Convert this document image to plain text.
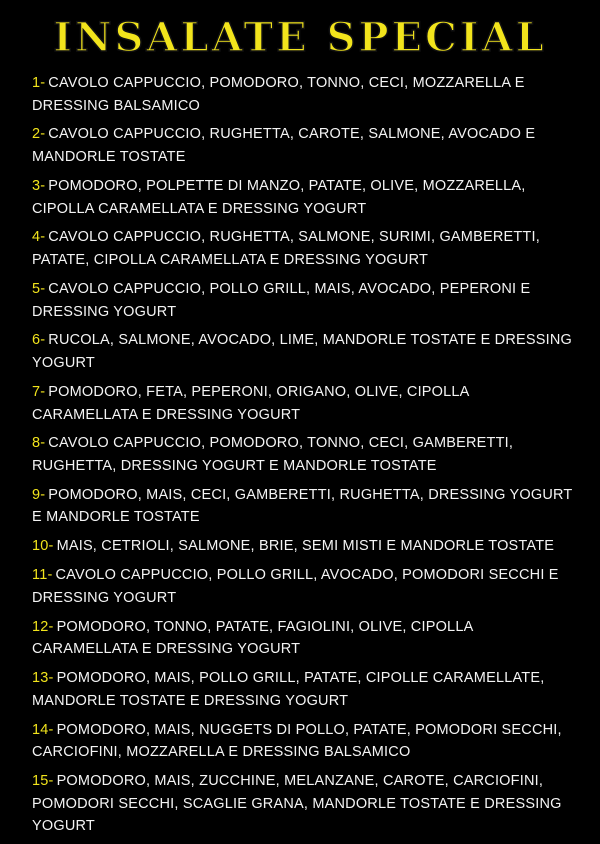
INSALATE SPECIAL
1- CAVOLO CAPPUCCIO, POMODORO, TONNO, CECI, MOZZARELLA E DRESSING BALSAMICO
2- CAVOLO CAPPUCCIO, RUGHETTA, CAROTE, SALMONE, AVOCADO E MANDORLE TOSTATE
3- POMODORO, POLPETTE DI MANZO, PATATE, OLIVE, MOZZARELLA, CIPOLLA CARAMELLATA E DRESSING YOGURT
4- CAVOLO CAPPUCCIO, RUGHETTA, SALMONE, SURIMI, GAMBERETTI, PATATE, CIPOLLA CARAMELLATA E DRESSING YOGURT
5- CAVOLO CAPPUCCIO, POLLO GRILL, MAIS, AVOCADO, PEPERONI E DRESSING YOGURT
6- RUCOLA, SALMONE, AVOCADO, LIME, MANDORLE TOSTATE E DRESSING YOGURT
7- POMODORO, FETA, PEPERONI, ORIGANO, OLIVE, CIPOLLA CARAMELLATA E DRESSING YOGURT
8- CAVOLO CAPPUCCIO, POMODORO, TONNO, CECI, GAMBERETTI, RUGHETTA, DRESSING YOGURT E MANDORLE TOSTATE
9- POMODORO, MAIS, CECI, GAMBERETTI, RUGHETTA, DRESSING YOGURT E MANDORLE TOSTATE
10- MAIS, CETRIOLI, SALMONE, BRIE, SEMI MISTI E MANDORLE TOSTATE
11- CAVOLO CAPPUCCIO, POLLO GRILL, AVOCADO, POMODORI SECCHI E DRESSING YOGURT
12- POMODORO, TONNO, PATATE, FAGIOLINI, OLIVE, CIPOLLA CARAMELLATA E DRESSING YOGURT
13- POMODORO, MAIS, POLLO GRILL, PATATE, CIPOLLE CARAMELLATE, MANDORLE TOSTATE E DRESSING YOGURT
14- POMODORO, MAIS, NUGGETS DI POLLO, PATATE, POMODORI SECCHI, CARCIOFINI, MOZZARELLA E DRESSING BALSAMICO
15- POMODORO, MAIS, ZUCCHINE, MELANZANE, CAROTE, CARCIOFINI, POMODORI SECCHI, SCAGLIE GRANA, MANDORLE TOSTATE E DRESSING YOGURT
